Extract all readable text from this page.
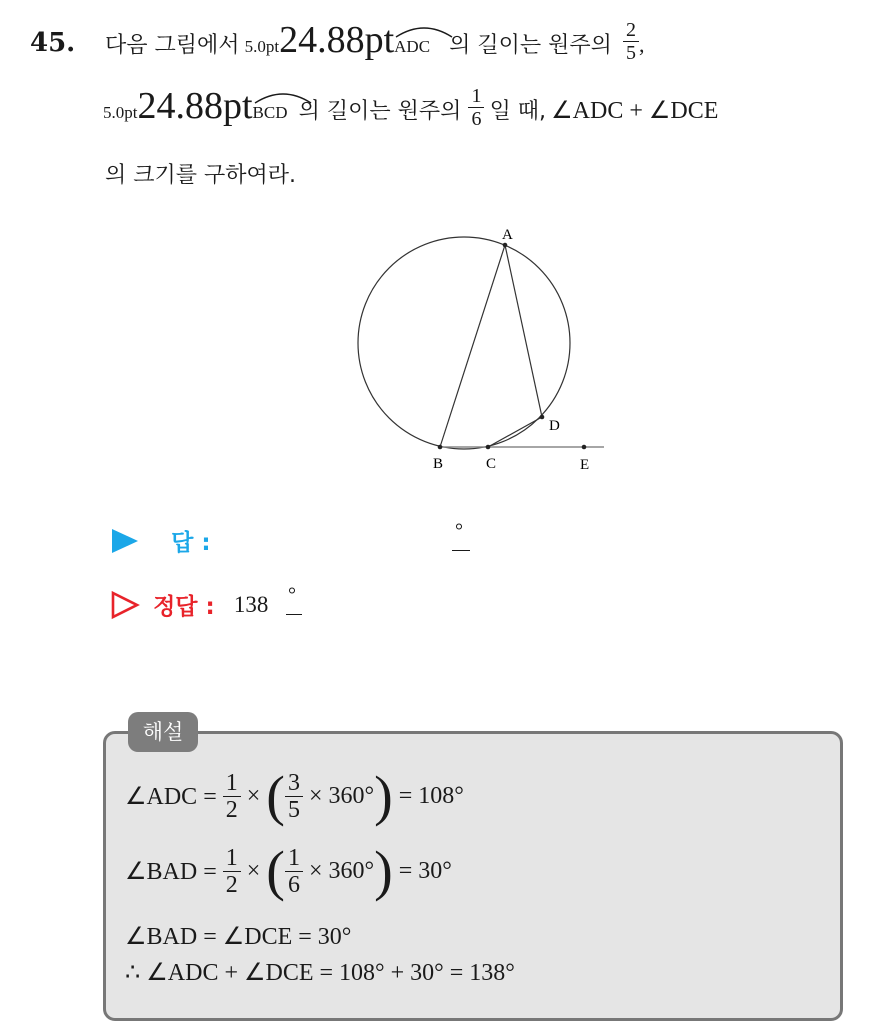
45. 다음 그림에서 5.0pt24.88pt
ADC 의 길이는 원주의 $\frac{2}{5}$ ,
5.0pt24.88pt
BCD 의 길이는 원주의 $\frac{1}{6}$ 일 때, ∠ADC + ∠DCE
의 크기를 구하여라.
A
B	C
D
E
답 :	°
정답 : 138 °
해설
∠ADC = $\frac{1}{2}$ × ( $\frac{3}{5} \times 360^\circ) = 108^\circ$
∠BAD = $\frac{1}{2}$ × ( $\frac{1}{6} \times 360^\circ) = 30^\circ$
∠BAD = ∠DCE = 30°
∴ ∠ADC + ∠DCE = 108° + 30° = 138°
